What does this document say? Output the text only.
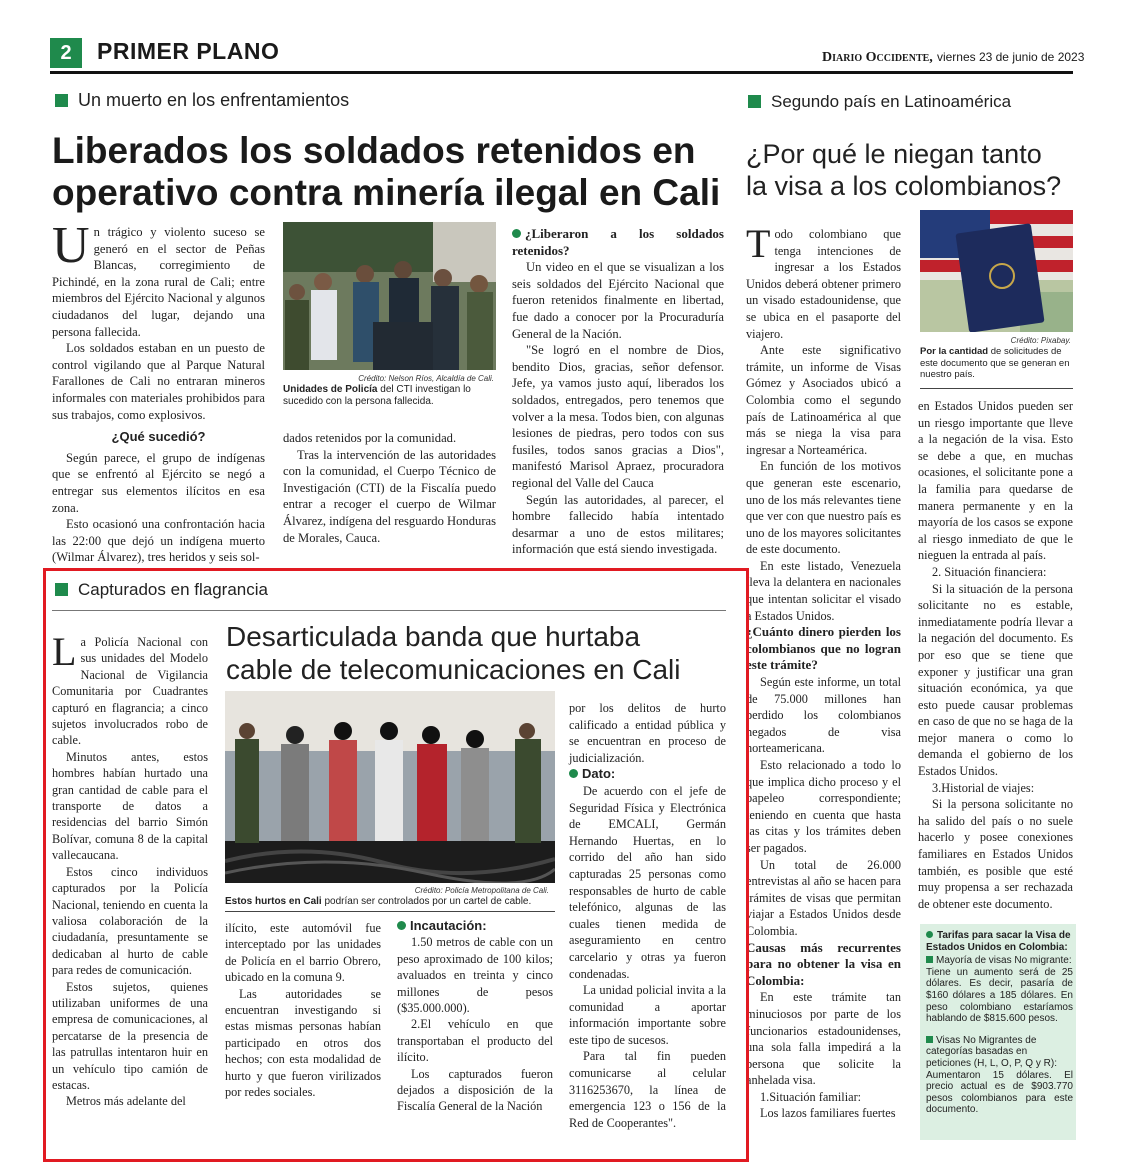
2	PRIMER PLANO	Diario Occidente, viernes 23 de junio de 2023
Un muerto en los enfrentamientos
Liberados los soldados retenidos en
operativo contra minería ilegal en Cali
U n trágico y violento suceso se generó en el sector de Peñas Blancas, corregimiento de Pichindé, en la zona rural de Cali; entre miembros del Ejército Nacional y algunos ciudadanos del lugar, dejando una persona fallecida.

Los soldados estaban en un puesto de control vigilando que al Parque Natural Farallones de Cali no entraran mineros informales con materiales prohibidos para sus trabajos, como explosivos.

¿Qué sucedió?

Según parece, el grupo de indígenas que se enfrentó al Ejército se negó a entregar sus elementos ilícitos en esa zona.

Esto ocasionó una confrontación hacia las 22:00 que dejó un indígena muerto (Wilmar Álvarez), tres heridos y seis sol-

Crédito: Nelson Ríos, Alcaldía de Cali.
Unidades de Policía del CTI investigan lo sucedido con la persona fallecida.

dados retenidos por la comunidad.

Tras la intervención de las autoridades con la comunidad, el Cuerpo Técnico de Investigación (CTI) de la Fiscalía puedo entrar a recoger el cuerpo de Wilmar Álvarez, indígena del resguardo Honduras de Morales, Cauca.

¿Liberaron a los soldados retenidos?

Un video en el que se visualizan a los seis soldados del Ejército Nacional que fueron retenidos finalmente en libertad, fue dado a conocer por la Procuraduría General de la Nación.

"Se logró en el nombre de Dios, bendito Dios, gracias, señor defensor. Jefe, ya vamos justo aquí, liberados los soldados, entregados, pero tenemos que volver a la mesa. Todos bien, con algunas lesiones de piedras, pero todos con sus fusiles, todos sanos gracias a Dios", manifestó Marisol Apraez, procuradora regional del Valle del Cauca

Según las autoridades, al parecer, el hombre fallecido había intentado desarmar a uno de estos militares; información que está siendo investigada.

Segundo país en Latinoamérica
¿Por qué le niegan tanto
la visa a los colombianos?
T odo colombiano que tenga intenciones de ingresar a los Estados Unidos deberá obtener primero un visado estadounidense, que se ubica en el pasaporte del viajero.

Ante este significativo trámite, un informe de Visas Gómez y Asociados ubicó a Colombia como el segundo país de Latinoamérica al que más se niega la visa para ingresar a Norteamérica.

En función de los motivos que generan este escenario, uno de los más relevantes tiene que ver con que nuestro país es uno de los mayores solicitantes de este documento.

En este listado, Venezuela lleva la delantera en nacionales que intentan solicitar el visado a Estados Unidos.

¿Cuánto dinero pierden los colombianos que no logran este trámite?

Según este informe, un total de 75.000 millones han perdido los colombianos negados de visa norteamericana.

Esto relacionado a todo lo que implica dicho proceso y el papeleo correspondiente; teniendo en cuenta que hasta las citas y los trámites deben ser pagados.

Un total de 26.000 entrevistas al año se hacen para trámites de visas que permitan viajar a Estados Unidos desde Colombia.

Causas más recurrentes para no obtener la visa en Colombia:

En este trámite tan minuciosos por parte de los funcionarios estadounidenses, una sola falla impedirá a la persona que solicite la anhelada visa.

1.Situación familiar:

Los lazos familiares fuertes

Crédito: Pixabay.
Por la cantidad de solicitudes de este documento que se generan en nuestro país.

en Estados Unidos pueden ser un riesgo importante que lleve a la negación de la visa. Esto se debe a que, en muchas ocasiones, el solicitante pone a la familia para quedarse de manera permanente y en la mayoría de los casos se expone al riesgo inmediato de que le nieguen la entrada al país.

2. Situación financiera:

Si la situación de la persona solicitante no es estable, inmediatamente podría llevar a la negación del documento. Es por eso que se tiene que exponer y justificar una gran situación económica, ya que esto puede causar problemas en caso de que no se haga de la mejor manera o como lo demanda el gobierno de los Estados Unidos.

3.Historial de viajes:

Si la persona solicitante no ha salido del país o no suele hacerlo y posee conexiones familiares en Estados Unidos también, es posible que esté muy propensa a ser rechazada de obtener este documento.

Tarifas para sacar la Visa de Estados Unidos en Colombia:
Mayoría de visas No migrante:
Tiene un aumento será de 25 dólares. Es decir, pasaría de $160 dólares a 185 dólares. En peso colombiano estaríamos hablando de $815.600 pesos.
Visas No Migrantes de categorías basadas en peticiones (H, L, O, P, Q y R):
Aumentaron 15 dólares. El precio actual es de $903.770 pesos colombianos para este documento.
Capturados en flagrancia
Desarticulada banda que hurtaba
cable de telecomunicaciones en Cali
L a Policía Nacional con sus unidades del Modelo Nacional de Vigilancia Comunitaria por Cuadrantes capturó en flagrancia; a cinco sujetos involucrados robo de cable.

Minutos antes, estos hombres habían hurtado una gran cantidad de cable para el transporte de datos a residencias del barrio Simón Bolívar, comuna 8 de la capital vallecaucana.

Estos cinco individuos capturados por la Policía Nacional, teniendo en cuenta la valiosa colaboración de la ciudadanía, presuntamente se dedicaban al hurto de cable para redes de comunicación.

Estos sujetos, quienes utilizaban uniformes de una empresa de comunicaciones, al percatarse de la presencia de las patrullas intentaron huir en un vehículo tipo camión de estacas.

Metros más adelante del

Crédito: Policía Metropolitana de Cali.
Estos hurtos en Cali podrían ser controlados por un cartel de cable.

ilícito, este automóvil fue interceptado por las unidades de Policía en el barrio Obrero, ubicado en la comuna 9.

Las autoridades se encuentran investigando si estas mismas personas habían participado en otros dos hechos; con esta modalidad de hurto y que fueron virilizados por redes sociales.

Incautación:

1.50 metros de cable con un peso aproximado de 100 kilos; avaluados en treinta y cinco millones de pesos ($35.000.000).

2.El vehículo en que transportaban el producto del ilícito.

Los capturados fueron dejados a disposición de la Fiscalía General de la Nación

por los delitos de hurto calificado a entidad pública y se encuentran en proceso de judicialización.

Dato:

De acuerdo con el jefe de Seguridad Física y Electrónica de EMCALI, Germán Hernando Huertas, en lo corrido del año han sido capturadas 25 personas como responsables de hurto de cable telefónico, algunas de las cuales tienen medida de aseguramiento en centro carcelario y otras ya fueron condenadas.

La unidad policial invita a la comunidad a aportar información importante sobre este tipo de sucesos.

Para tal fin pueden comunicarse al celular 3116253670, la línea de emergencia 123 o 156 de la Red de Cooperantes".
